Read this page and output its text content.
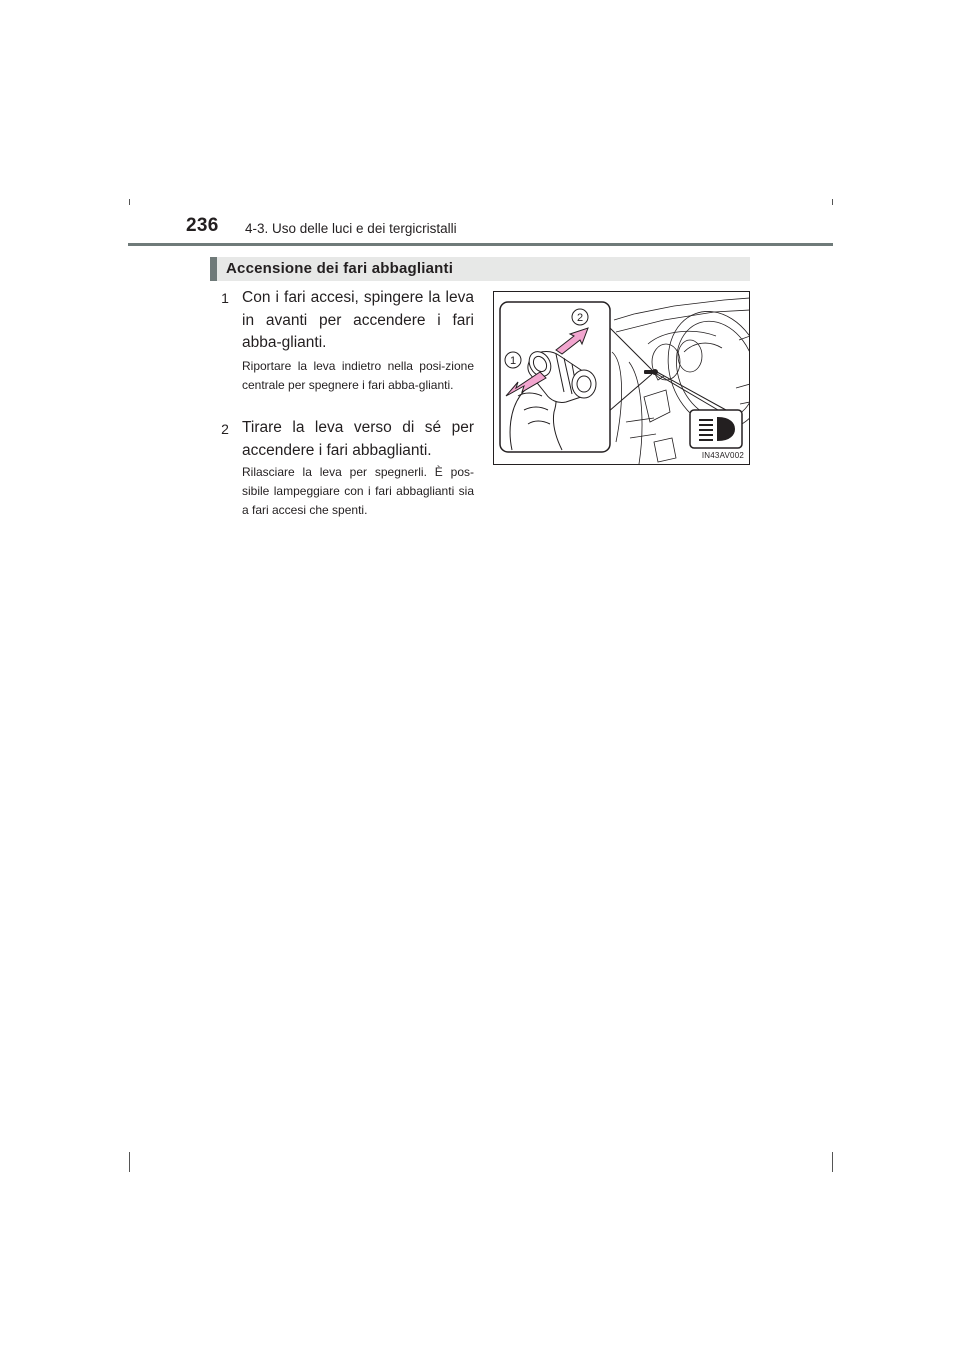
236 4-3. Uso delle luci e dei tergicristalli
Accensione dei fari abbaglianti
1 Con i fari accesi, spingere la leva in avanti per accendere i fari abba-glianti.
Riportare la leva indietro nella posi-zione centrale per spegnere i fari abba-glianti.
2 Tirare la leva verso di sé per accendere i fari abbaglianti.
Rilasciare la leva per spegnerli. È pos-sibile lampeggiare con i fari abbaglianti sia a fari accesi che spenti.
1
2
IN43AV002
